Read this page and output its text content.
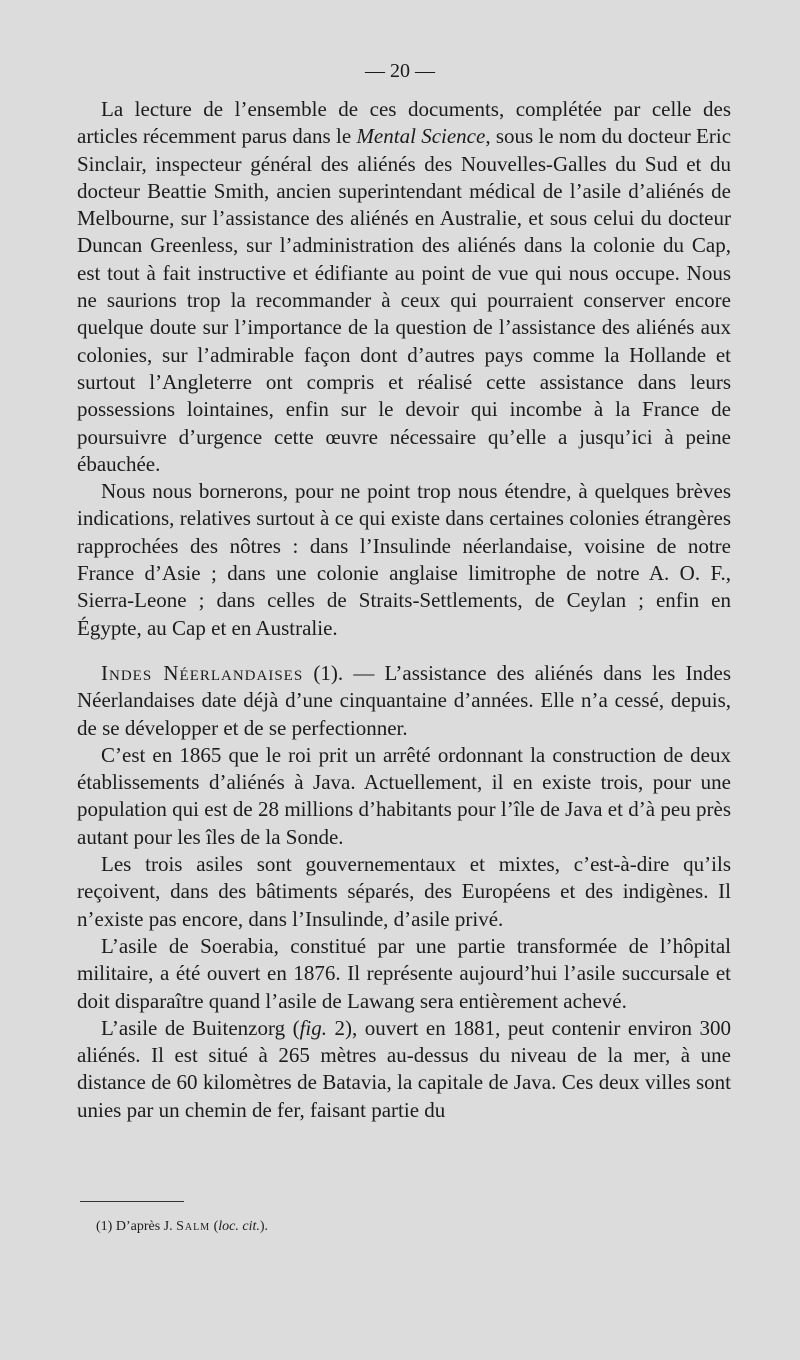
— 20 —

La lecture de l’ensemble de ces documents, complétée par celle des articles récemment parus dans le Mental Science, sous le nom du docteur Eric Sinclair, inspecteur général des aliénés des Nouvelles-Galles du Sud et du docteur Beattie Smith, ancien superintendant médical de l’asile d’aliénés de Melbourne, sur l’assistance des aliénés en Australie, et sous celui du docteur Duncan Greenless, sur l’administration des aliénés dans la colonie du Cap, est tout à fait instructive et édifiante au point de vue qui nous occupe. Nous ne saurions trop la recommander à ceux qui pourraient conserver encore quelque doute sur l’importance de la question de l’assistance des aliénés aux colonies, sur l’admirable façon dont d’autres pays comme la Hollande et surtout l’Angleterre ont compris et réalisé cette assistance dans leurs possessions lointaines, enfin sur le devoir qui incombe à la France de poursuivre d’urgence cette œuvre nécessaire qu’elle a jusqu’ici à peine ébauchée.

Nous nous bornerons, pour ne point trop nous étendre, à quelques brèves indications, relatives surtout à ce qui existe dans certaines colonies étrangères rapprochées des nôtres : dans l’Insulinde néerlandaise, voisine de notre France d’Asie ; dans une colonie anglaise limitrophe de notre A. O. F., Sierra-Leone ; dans celles de Straits-Settlements, de Ceylan ; enfin en Égypte, au Cap et en Australie.

Indes Néerlandaises (1). — L’assistance des aliénés dans les Indes Néerlandaises date déjà d’une cinquantaine d’années. Elle n’a cessé, depuis, de se développer et de se perfectionner.

C’est en 1865 que le roi prit un arrêté ordonnant la construction de deux établissements d’aliénés à Java. Actuellement, il en existe trois, pour une population qui est de 28 millions d’habitants pour l’île de Java et d’à peu près autant pour les îles de la Sonde.

Les trois asiles sont gouvernementaux et mixtes, c’est-à-dire qu’ils reçoivent, dans des bâtiments séparés, des Européens et des indigènes. Il n’existe pas encore, dans l’Insulinde, d’asile privé.

L’asile de Soerabia, constitué par une partie transformée de l’hôpital militaire, a été ouvert en 1876. Il représente aujourd’hui l’asile succursale et doit disparaître quand l’asile de Lawang sera entièrement achevé.

L’asile de Buitenzorg (fig. 2), ouvert en 1881, peut contenir environ 300 aliénés. Il est situé à 265 mètres au-dessus du niveau de la mer, à une distance de 60 kilomètres de Batavia, la capitale de Java. Ces deux villes sont unies par un chemin de fer, faisant partie du

(1) D’après J. Salm (loc. cit.).
